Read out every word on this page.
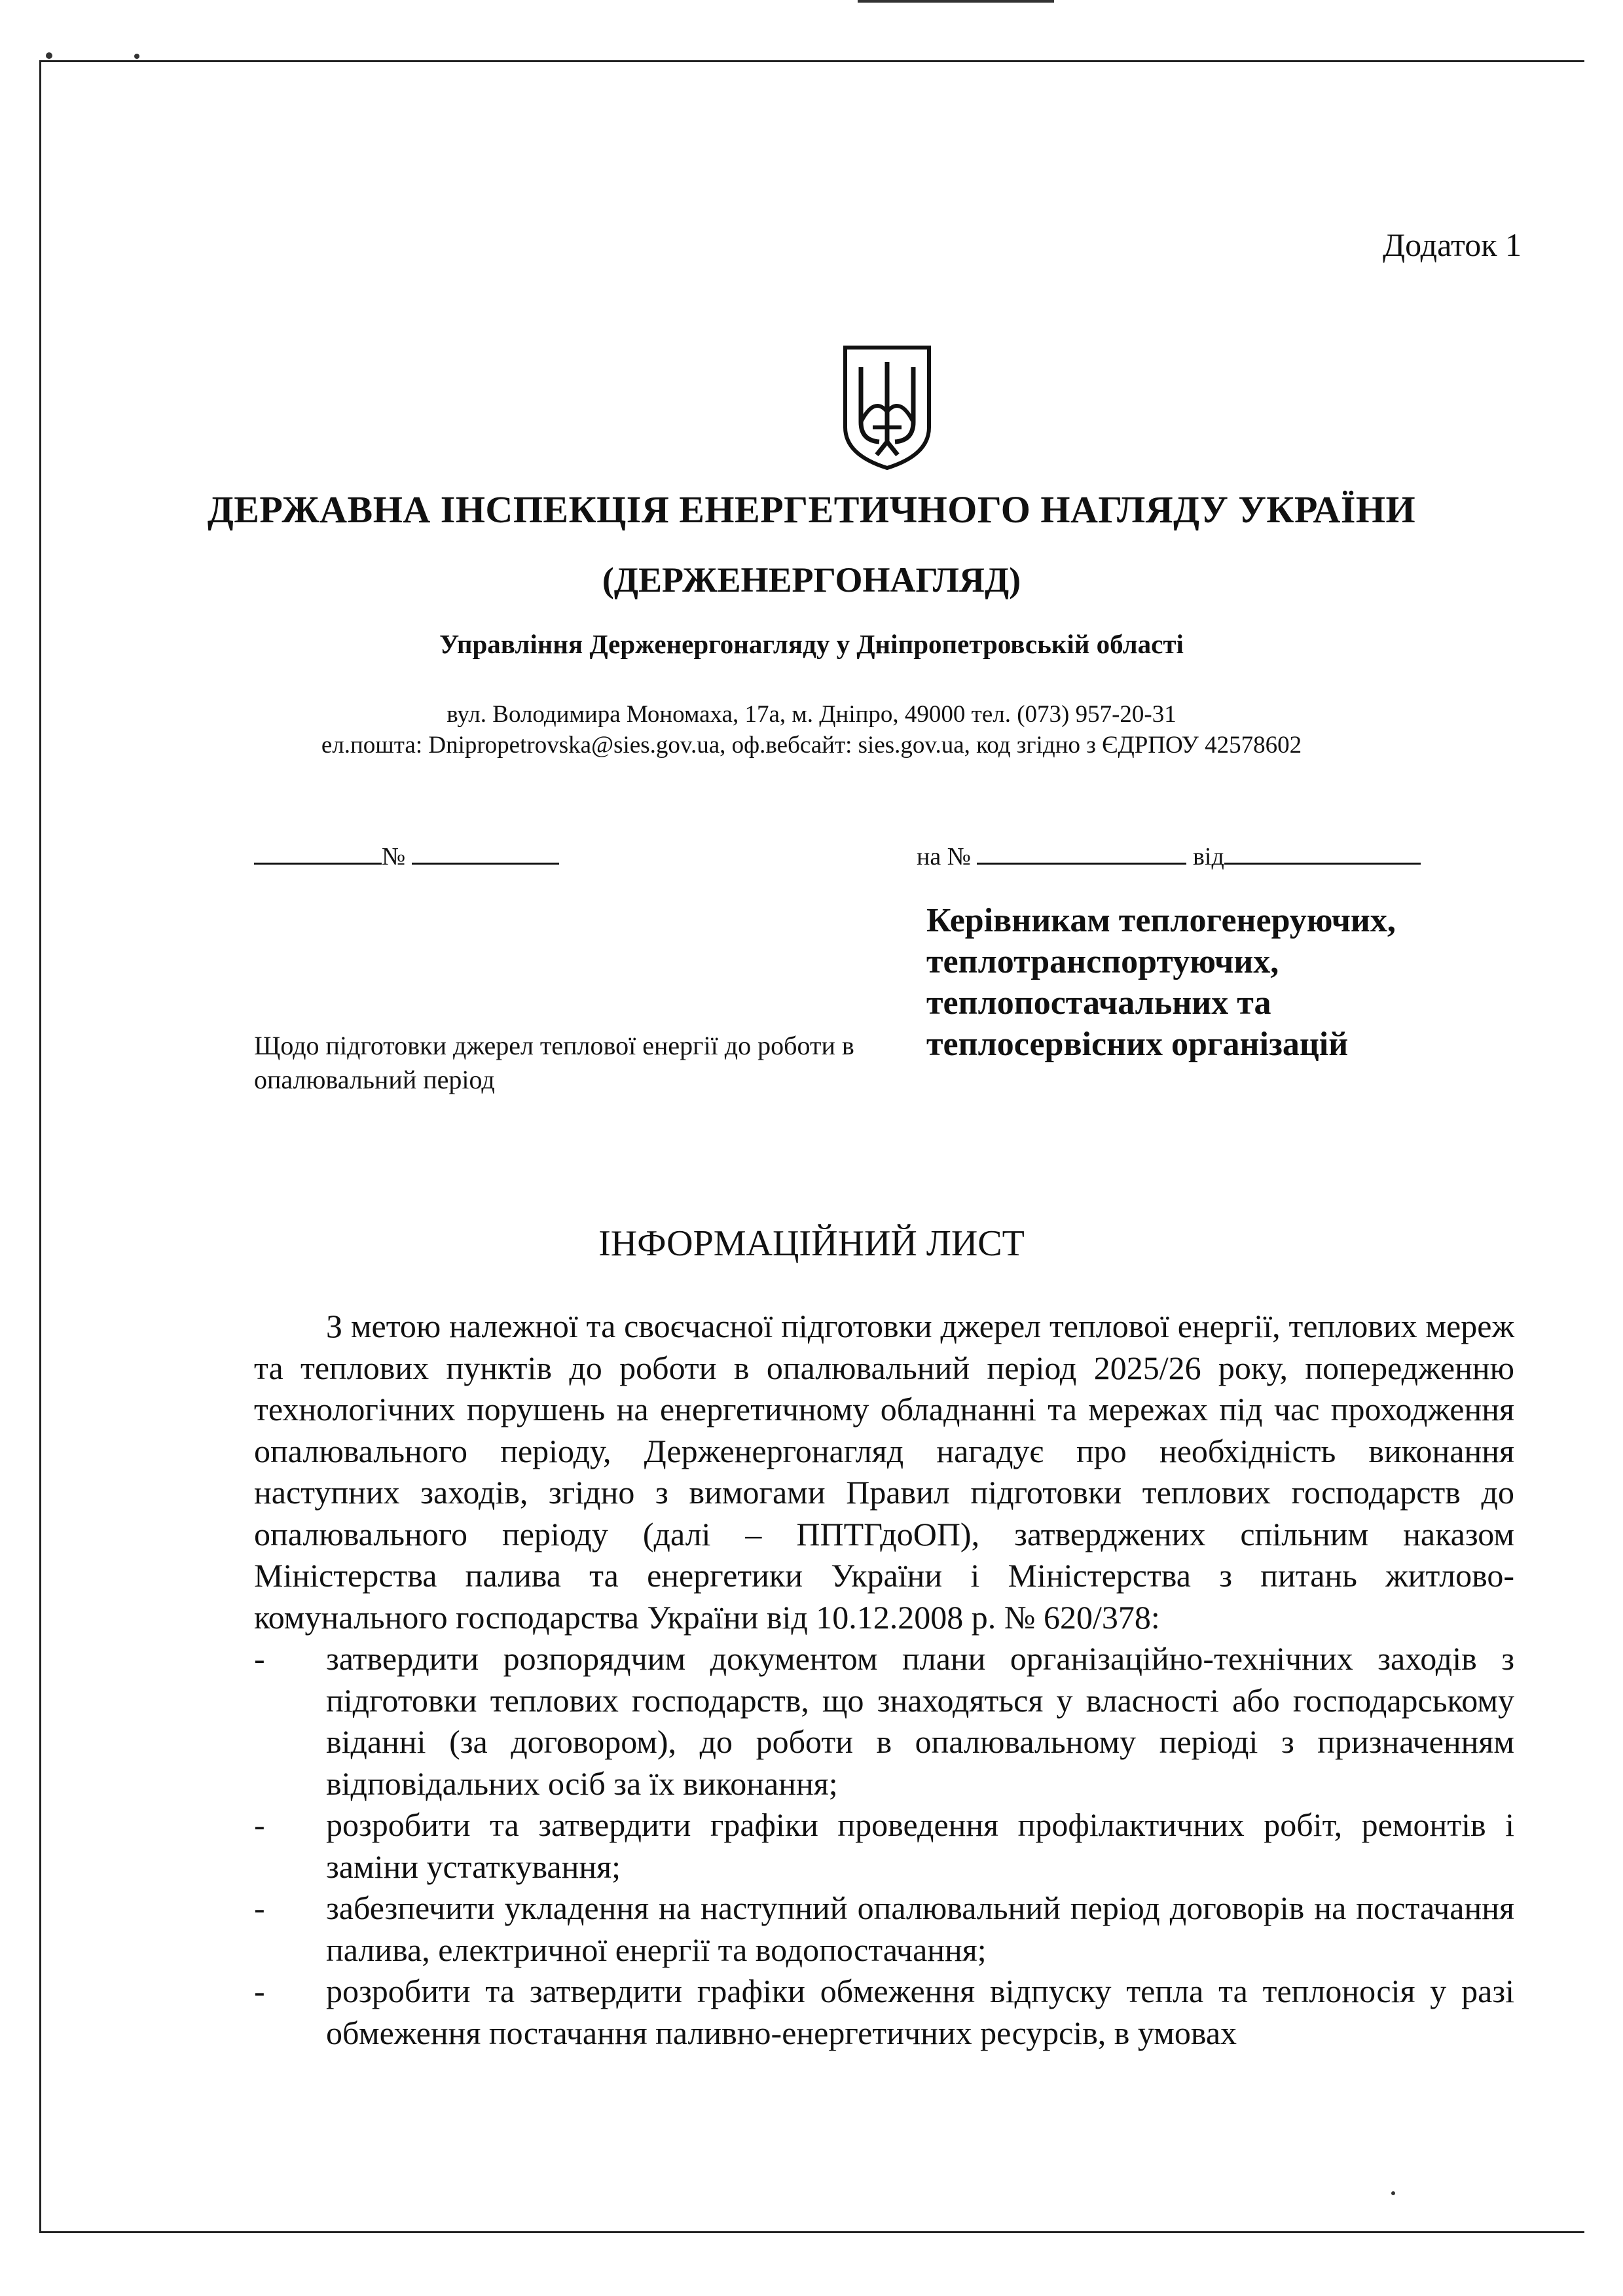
Додаток 1
ДЕРЖАВНА ІНСПЕКЦІЯ ЕНЕРГЕТИЧНОГО НАГЛЯДУ УКРАЇНИ
(ДЕРЖЕНЕРГОНАГЛЯД)
Управління Держенергонагляду у Дніпропетровській області
вул. Володимира Мономаха, 17а, м. Дніпро, 49000 тел. (073) 957-20-31
ел.пошта: Dnipropetrovska@sies.gov.ua, оф.вебсайт: sies.gov.ua, код згідно з ЄДРПОУ 42578602
№	на №	від
Керівникам теплогенеруючих,
теплотранспортуючих,
теплопостачальних та
теплосервісних організацій
Щодо підготовки джерел теплової енергії до роботи в опалювальний період
ІНФОРМАЦІЙНИЙ ЛИСТ

З метою належної та своєчасної підготовки джерел теплової енергії, теплових мереж та теплових пунктів до роботи в опалювальний період 2025/26 року, попередженню технологічних порушень на енергетичному обладнанні та мережах під час проходження опалювального періоду, Держенергонагляд нагадує про необхідність виконання наступних заходів, згідно з вимогами Правил підготовки теплових господарств до опалювального періоду (далі – ППТГдоОП), затверджених спільним наказом Міністерства палива та енергетики України і Міністерства з питань житлово-комунального господарства України від 10.12.2008 р. № 620/378:

-	затвердити розпорядчим документом плани організаційно-технічних заходів з підготовки теплових господарств, що знаходяться у власності або господарському віданні (за договором), до роботи в опалювальному періоді з призначенням відповідальних осіб за їх виконання;
-	розробити та затвердити графіки проведення профілактичних робіт, ремонтів і заміни устаткування;
-	забезпечити укладення на наступний опалювальний період договорів на постачання палива, електричної енергії та водопостачання;
-	розробити та затвердити графіки обмеження відпуску тепла та теплоносія у разі обмеження постачання паливно-енергетичних ресурсів, в умовах
